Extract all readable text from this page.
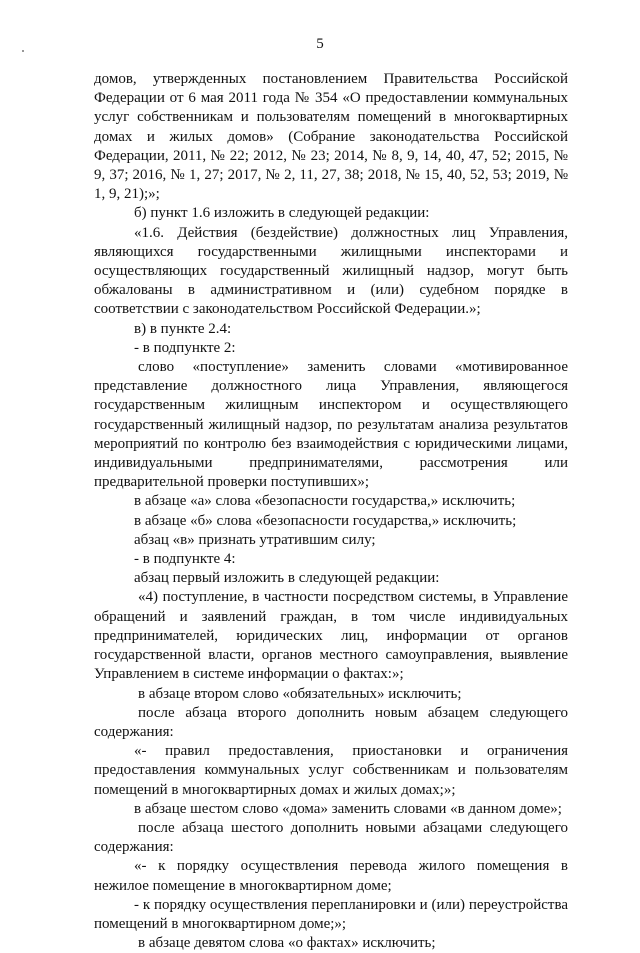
5

домов, утвержденных постановлением Правительства Российской Федерации от 6 мая 2011 года № 354 «О предоставлении коммунальных услуг собственникам и пользователям помещений в многоквартирных домах и жилых домов» (Собрание законодательства Российской Федерации, 2011, № 22; 2012, № 23; 2014, № 8, 9, 14, 40, 47, 52; 2015, № 9, 37; 2016, № 1, 27; 2017, № 2, 11, 27, 38; 2018, № 15, 40, 52, 53; 2019, № 1, 9, 21);»;

б) пункт 1.6 изложить в следующей редакции:

«1.6. Действия (бездействие) должностных лиц Управления, являющихся государственными жилищными инспекторами и осуществляющих государственный жилищный надзор, могут быть обжалованы в административном и (или) судебном порядке в соответствии с законодательством Российской Федерации.»;

в) в пункте 2.4:

- в подпункте 2:

слово «поступление» заменить словами «мотивированное представление должностного лица Управления, являющегося государственным жилищным инспектором и осуществляющего государственный жилищный надзор, по результатам анализа результатов мероприятий по контролю без взаимодействия с юридическими лицами, индивидуальными предпринимателями, рассмотрения или предварительной проверки поступивших»;

в абзаце «а» слова «безопасности государства,» исключить;

в абзаце «б» слова «безопасности государства,» исключить;

абзац «в» признать утратившим силу;

- в подпункте 4:

абзац первый изложить в следующей редакции:

«4) поступление, в частности посредством системы, в Управление обращений и заявлений граждан, в том числе индивидуальных предпринимателей, юридических лиц, информации от органов государственной власти, органов местного самоуправления, выявление Управлением в системе информации о фактах:»;

в абзаце втором слово «обязательных» исключить;

после абзаца второго дополнить новым абзацем следующего содержания:

«- правил предоставления, приостановки и ограничения предоставления коммунальных услуг собственникам и пользователям помещений в многоквартирных домах и жилых домах;»;

в абзаце шестом слово «дома» заменить словами «в данном доме»;

после абзаца шестого дополнить новыми абзацами следующего содержания:

«- к порядку осуществления перевода жилого помещения в нежилое помещение в многоквартирном доме;

- к порядку осуществления перепланировки и (или) переустройства помещений в многоквартирном доме;»;

в абзаце девятом слова «о фактах» исключить;
